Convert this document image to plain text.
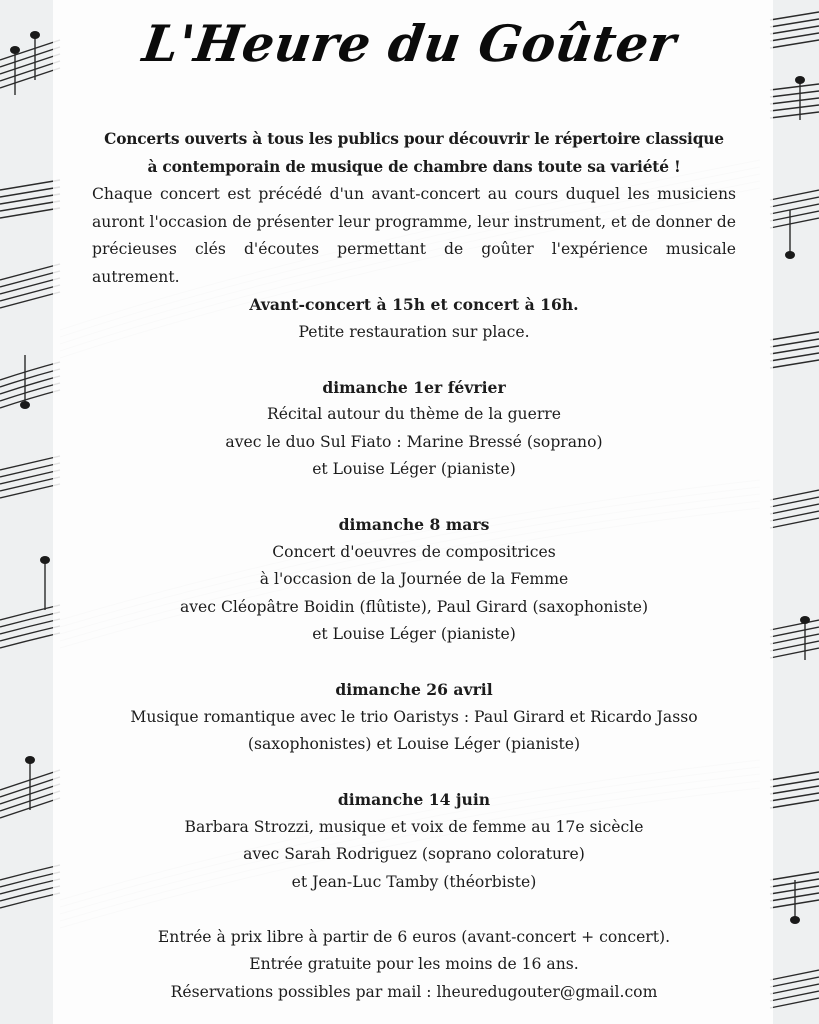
L'Heure du Goûter

Concerts ouverts à tous les publics pour découvrir le répertoire classique

à contemporain de musique de chambre dans toute sa variété !

Chaque concert est précédé d'un avant-concert au cours duquel les musiciens auront l'occasion de présenter leur programme, leur instrument, et de donner de précieuses clés d'écoutes permettant de goûter l'expérience musicale autrement.

Avant-concert à 15h et concert à 16h.

Petite restauration sur place.

dimanche 1er février

Récital autour du thème de la guerre

avec le duo Sul Fiato : Marine Bressé (soprano)

et Louise Léger (pianiste)

dimanche 8 mars

Concert d'oeuvres de compositrices

à l'occasion de la Journée de la Femme

avec Cléopâtre Boidin (flûtiste), Paul Girard (saxophoniste)

et Louise Léger (pianiste)

dimanche 26 avril

Musique romantique avec le trio Oaristys : Paul Girard et Ricardo Jasso

(saxophonistes) et Louise Léger (pianiste)

dimanche 14 juin

Barbara Strozzi, musique et voix de femme au 17e sicècle

avec Sarah Rodriguez (soprano colorature)

et Jean-Luc Tamby (théorbiste)

Entrée à prix libre à partir de 6 euros (avant-concert + concert).

Entrée gratuite pour les moins de 16 ans.

Réservations possibles par mail : lheuredugouter@gmail.com
